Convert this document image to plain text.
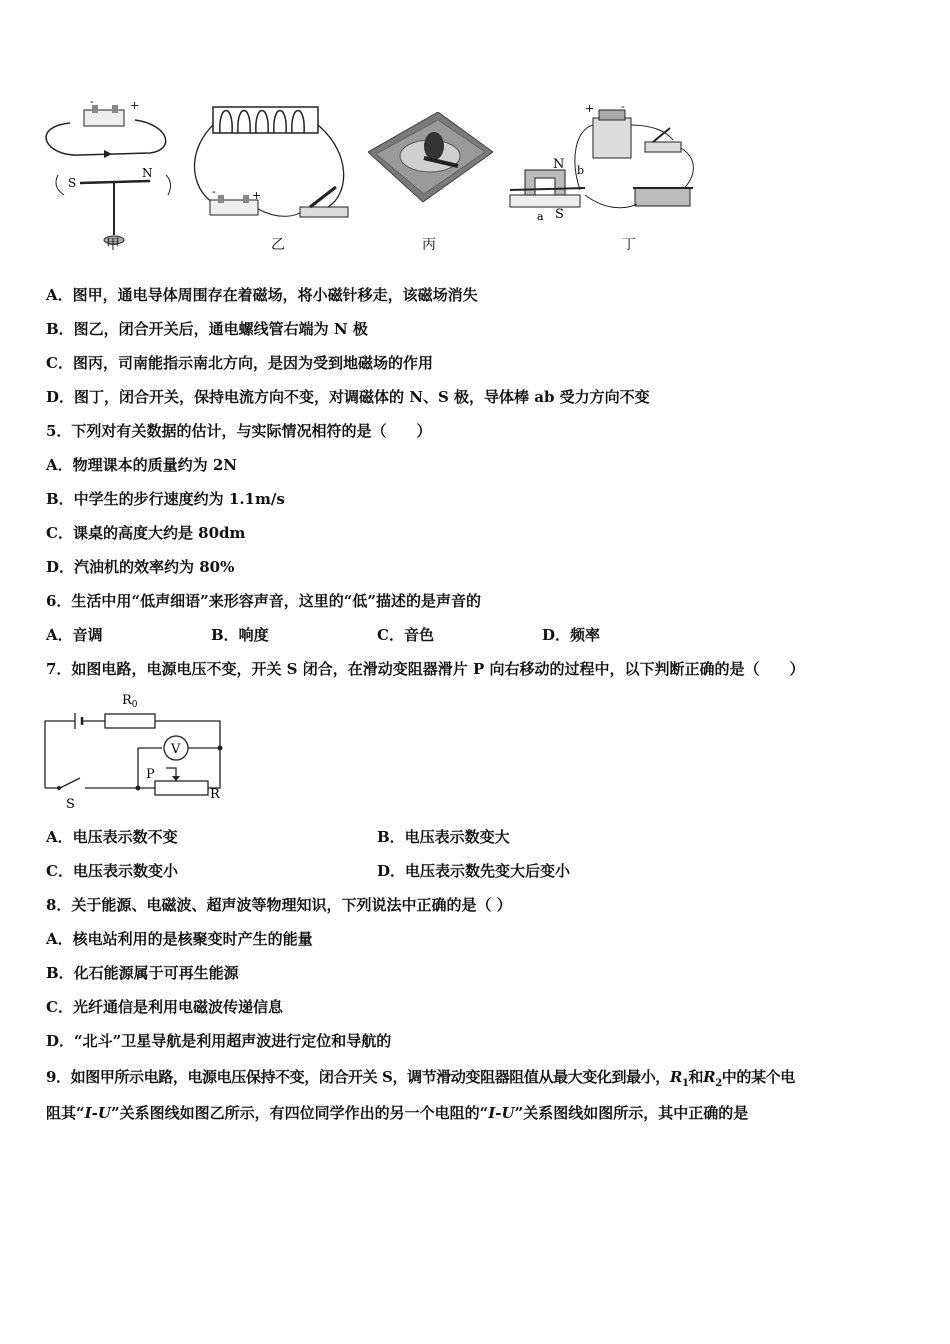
-	+
S
N
甲
-	+
乙	丙
+ -
N
S
a
b
丁
A．图甲，通电导体周围存在着磁场，将小磁针移走，该磁场消失
B．图乙，闭合开关后，通电螺线管右端为 N 极
C．图丙，司南能指示南北方向，是因为受到地磁场的作用
D．图丁，闭合开关，保持电流方向不变，对调磁体的 N、S 极，导体棒 ab 受力方向不变
5．下列对有关数据的估计，与实际情况相符的是（　　）
A．物理课本的质量约为 2N
B．中学生的步行速度约为 1.1m/s
C．课桌的高度大约是 80dm
D．汽油机的效率约为 80%
6．生活中用“低声细语”来形容声音，这里的“低”描述的是声音的
A．音调	B．响度	C．音色	D．频率
7．如图电路，电源电压不变，开关 S 闭合，在滑动变阻器滑片 P 向右移动的过程中，以下判断正确的是（　　）
$R_0$
V
P
R
S
A．电压表示数不变	B．电压表示数变大
C．电压表示数变小	D．电压表示数先变大后变小
8．关于能源、电磁波、超声波等物理知识，下列说法中正确的是（ ）
A．核电站利用的是核聚变时产生的能量
B．化石能源属于可再生能源
C．光纤通信是利用电磁波传递信息
D．“北斗”卫星导航是利用超声波进行定位和导航的
9．如图甲所示电路，电源电压保持不变，闭合开关 S，调节滑动变阻器阻值从最大变化到最小，$R_1$和$R_2$中的某个电
阻其“I-U”关系图线如图乙所示，有四位同学作出的另一个电阻的“I-U”关系图线如图所示，其中正确的是
